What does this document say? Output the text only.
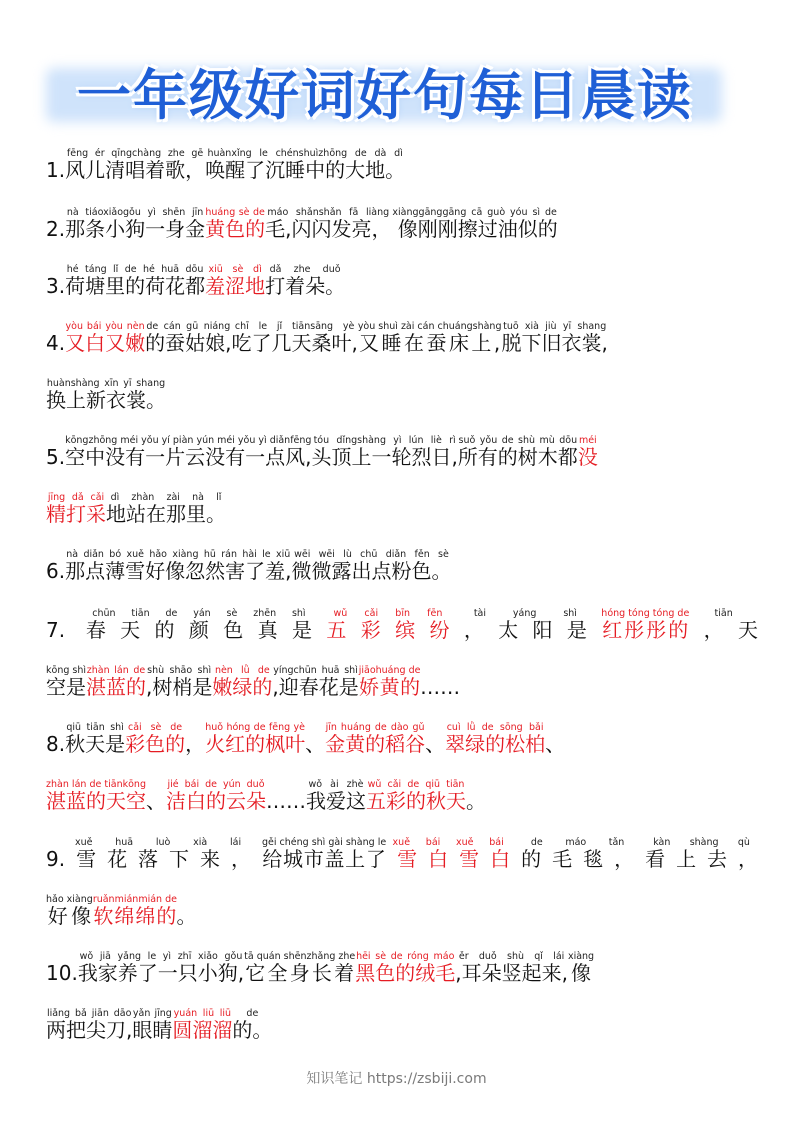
一年级好词好句每日晨读
1.风儿清唱着歌，fēng ér qīngchàng zhe gē唤醒了沉睡中的大地。huànxǐng le chénshuìzhōng de dà dì
2.那条小狗一身金nà tiáoxiǎogǒu yì shēn jīn黄色的huáng sè de毛,闪闪发亮，máo shǎnshǎn fā liàng 像刚刚擦过油似的xiànggānggāng cā guò yóu sì de
3.荷塘里的荷花都hé táng lǐ de hé huā dōu羞涩地xiū sè dì打着朵。dǎ zhe duǒ
4.又白又嫩yòu bái yòu nèn的蚕姑娘,de cán gū niáng吃了几天桑叶,chī le jǐ tiānsāng yè又睡在蚕床上,yòu shuì zài cán chuángshàng脱下旧衣裳,tuō xià jiù yī shang
换上新衣裳。huànshàng xīn yī shang
5.空中没有一片云没有一点风,kōngzhōng méi yǒu yí piàn yún méi yǒu yì diǎnfēng头顶上一轮烈日,tóu dǐngshàng yì lún liè rì所有的树木都suǒ yǒu de shù mù dōu没méi
精打采jīng dǎ cǎi地站在那里。dì zhàn zài nà lǐ
6.那点薄雪好像忽然害了羞,nà diǎn bó xuě hǎo xiàng hū rán hài le xiū微微露出点粉色。wēi wēi lù chū diǎn fěn sè
7. 春天的颜色真是chūn tiān de yán sè zhēn shì五彩缤纷wǔ cǎi bīn fēn，太阳是tài yáng shì红彤彤的hóng tóng tóng de，天tiān
空是kōng shì湛蓝的zhàn lán de,树梢是shù shāo shì嫩绿的nèn lǜ de,迎春花是yíngchūn huā shì娇黄的jiāohuáng de……
8.秋天是qiū tiān shì彩色的cǎi sè de，火红的枫叶huǒ hóng de fēng yè、金黄的稻谷jīn huáng de dào gǔ、翠绿的松柏cuì lǜ de sōng bǎi、
湛蓝的天空zhàn lán de tiānkōng、洁白的云朵jié bái de yún duǒ……我爱这wǒ ài zhè五彩的秋天wǔ cǎi de qiū tiān。
9.雪花落下来，xuě huā luò xià lái给城市盖上了gěi chéng shì gài shàng le雪白雪白xuě bái xuě bái的毛毯，de máo tǎn看上去，kàn shàng qù
好像hǎo xiàng软绵绵的ruǎnmiánmián de。
10.我家养了一只小狗,wǒ jiā yǎng le yì zhī xiǎo gǒu它全身长着tā quán shēnzhǎng zhe黑色的绒毛hēi sè de róng máo,耳朵竖起来,ěr duǒ shù qǐ lái像xiàng
两把尖刀,liǎng bǎ jiān dāo眼睛yǎn jīng圆溜溜yuán liū liū的。de
知识笔记 https://zsbiji.com
